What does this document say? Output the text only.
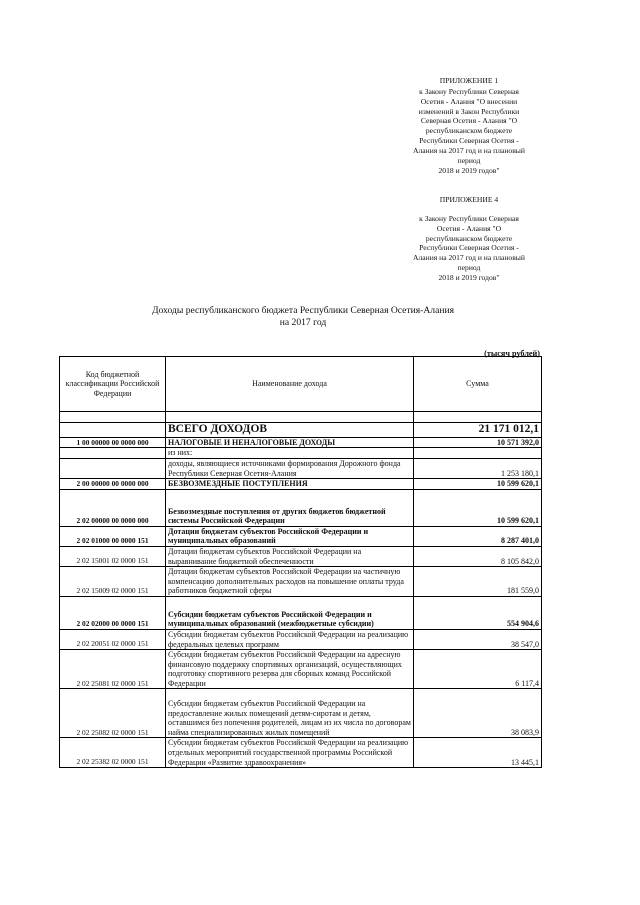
ПРИЛОЖЕНИЕ 1
к Закону Республики Северная
Осетия - Алания "О внесении
изменений в Закон Республики
Северная Осетия - Алания "О
республиканском бюджете
Республики Северная Осетия -
Алания на 2017 год и на плановый
период
2018 и 2019 годов"
ПРИЛОЖЕНИЕ 4
к Закону Республики Северная
Осетия - Алания "О
республиканском бюджете
Республики Северная Осетия -
Алания на 2017 год и на плановый
период
2018 и 2019 годов"
Доходы республиканского бюджета Республики Северная Осетия-Алания
на 2017 год
(тысяч рублей)
Код бюджетной классификации Российской Федерации	Наименование дохода	Сумма

	ВСЕГО ДОХОДОВ	21 171 012,1
1 00 00000 00 0000 000	НАЛОГОВЫЕ И НЕНАЛОГОВЫЕ ДОХОДЫ	10 571 392,0
	из них:	
	доходы, являющиеся источниками формирования Дорожного фонда Республики Северная Осетия-Алания	1 253 180,1
2 00 00000 00 0000 000	БЕЗВОЗМЕЗДНЫЕ ПОСТУПЛЕНИЯ	10 599 620,1
2 02 00000 00 0000 000	Безвозмездные поступления от других бюджетов бюджетной системы Российской Федерации	10 599 620,1
2 02 01000 00 0000 151	Дотации бюджетам субъектов Российской Федерации и муниципальных образований	8 287 401,0
2 02 15001 02 0000 151	Дотации бюджетам субъектов Российской Федерации на выравнивание бюджетной обеспеченности	8 105 842,0
2 02 15009 02 0000 151	Дотации бюджетам субъектов Российской Федерации на частичную компенсацию дополнительных расходов на повышение оплаты труда работников бюджетной сферы	181 559,0
2 02 02000 00 0000 151	Субсидии бюджетам субъектов Российской Федерации и муниципальных образований (межбюджетные субсидии)	554 904,6
2 02 20051 02 0000 151	Субсидии бюджетам субъектов Российской Федерации на реализацию федеральных целевых программ	38 547,0
2 02 25081 02 0000 151	Субсидии бюджетам субъектов Российской Федерации на адресную финансовую поддержку спортивных организаций, осуществляющих подготовку спортивного резерва для сборных команд Российской Федерации	6 117,4
2 02 25082 02 0000 151	Субсидии бюджетам субъектов Российской Федерации на предоставление жилых помещений детям-сиротам и детям, оставшимся без попечения родителей, лицам из их числа по договорам найма специализированных жилых помещений	38 083,9
2 02 25382 02 0000 151	Субсидии бюджетам субъектов Российской Федерации на реализацию отдельных мероприятий государственной программы Российской Федерации «Развитие здравоохранения»	13 445,1
